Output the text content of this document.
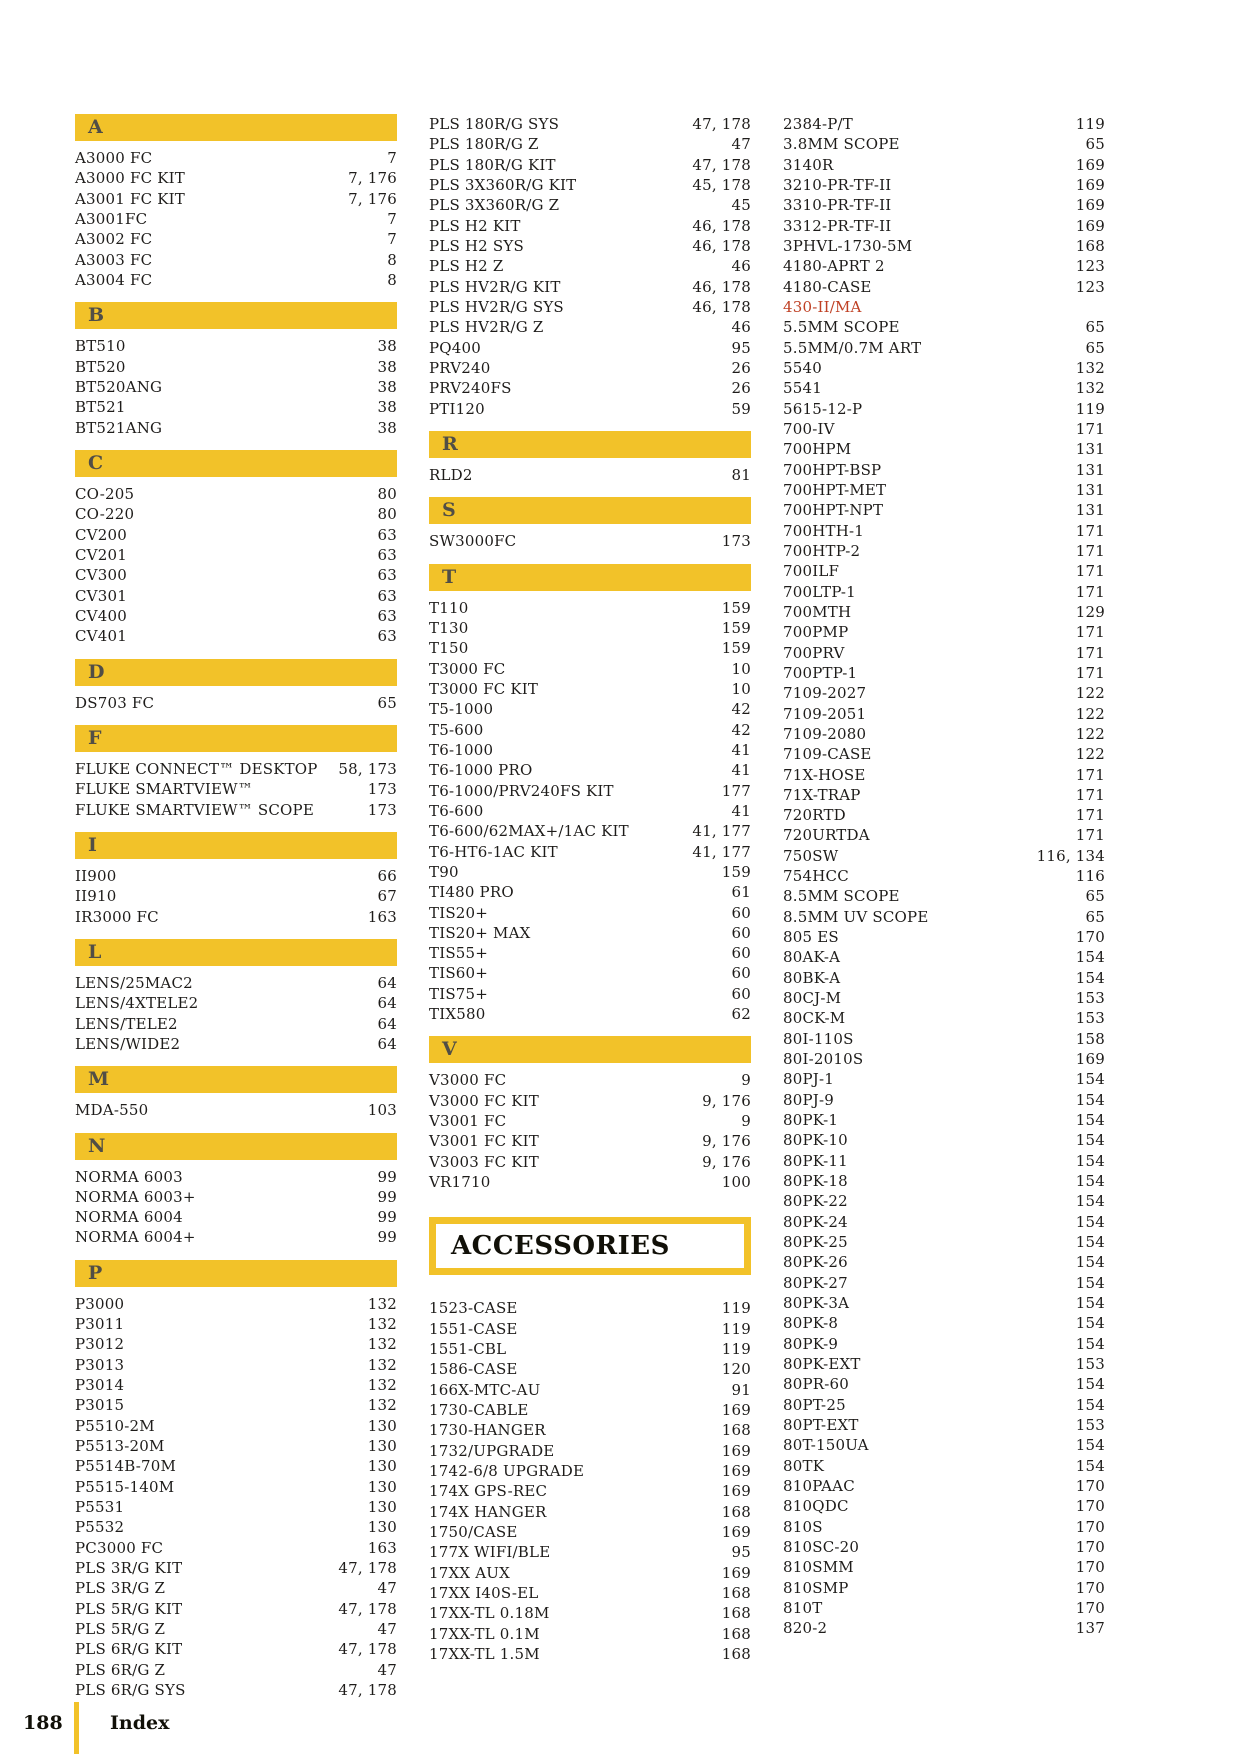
A
A3000 FC	7
A3000 FC KIT	7, 176
A3001 FC KIT	7, 176
A3001FC	7
A3002 FC	7
A3003 FC	8
A3004 FC	8
B
BT510	38
BT520	38
BT520ANG	38
BT521	38
BT521ANG	38
C
CO-205	80
CO-220	80
CV200	63
CV201	63
CV300	63
CV301	63
CV400	63
CV401	63
D
DS703 FC	65
F
FLUKE CONNECT™ DESKTOP	58, 173
FLUKE SMARTVIEW™	173
FLUKE SMARTVIEW™ SCOPE	173
I
II900	66
II910	67
IR3000 FC	163
L
LENS/25MAC2	64
LENS/4XTELE2	64
LENS/TELE2	64
LENS/WIDE2	64
M
MDA-550	103
N
NORMA 6003	99
NORMA 6003+	99
NORMA 6004	99
NORMA 6004+	99
P
P3000	132
P3011	132
P3012	132
P3013	132
P3014	132
P3015	132
P5510-2M	130
P5513-20M	130
P5514B-70M	130
P5515-140M	130
P5531	130
P5532	130
PC3000 FC	163
PLS 3R/G KIT	47, 178
PLS 3R/G Z	47
PLS 5R/G KIT	47, 178
PLS 5R/G Z	47
PLS 6R/G KIT	47, 178
PLS 6R/G Z	47
PLS 6R/G SYS	47, 178
PLS 180R/G SYS	47, 178
PLS 180R/G Z	47
PLS 180R/G KIT	47, 178
PLS 3X360R/G KIT	45, 178
PLS 3X360R/G Z	45
PLS H2 KIT	46, 178
PLS H2 SYS	46, 178
PLS H2 Z	46
PLS HV2R/G KIT	46, 178
PLS HV2R/G SYS	46, 178
PLS HV2R/G Z	46
PQ400	95
PRV240	26
PRV240FS	26
PTI120	59
R
RLD2	81
S
SW3000FC	173
T
T110	159
T130	159
T150	159
T3000 FC	10
T3000 FC KIT	10
T5-1000	42
T5-600	42
T6-1000	41
T6-1000 PRO	41
T6-1000/PRV240FS KIT	177
T6-600	41
T6-600/62MAX+/1AC KIT	41, 177
T6-HT6-1AC KIT	41, 177
T90	159
TI480 PRO	61
TIS20+	60
TIS20+ MAX	60
TIS55+	60
TIS60+	60
TIS75+	60
TIX580	62
V
V3000 FC	9
V3000 FC KIT	9, 176
V3001 FC	9
V3001 FC KIT	9, 176
V3003 FC KIT	9, 176
VR1710	100
ACCESSORIES
1523-CASE	119
1551-CASE	119
1551-CBL	119
1586-CASE	120
166X-MTC-AU	91
1730-CABLE	169
1730-HANGER	168
1732/UPGRADE	169
1742-6/8 UPGRADE	169
174X GPS-REC	169
174X HANGER	168
1750/CASE	169
177X WIFI/BLE	95
17XX AUX	169
17XX I40S-EL	168
17XX-TL 0.18M	168
17XX-TL 0.1M	168
17XX-TL 1.5M	168
2384-P/T	119
3.8MM SCOPE	65
3140R	169
3210-PR-TF-II	169
3310-PR-TF-II	169
3312-PR-TF-II	169
3PHVL-1730-5M	168
4180-APRT 2	123
4180-CASE	123
430-II/MA
5.5MM SCOPE	65
5.5MM/0.7M ART	65
5540	132
5541	132
5615-12-P	119
700-IV	171
700HPM	131
700HPT-BSP	131
700HPT-MET	131
700HPT-NPT	131
700HTH-1	171
700HTP-2	171
700ILF	171
700LTP-1	171
700MTH	129
700PMP	171
700PRV	171
700PTP-1	171
7109-2027	122
7109-2051	122
7109-2080	122
7109-CASE	122
71X-HOSE	171
71X-TRAP	171
720RTD	171
720URTDA	171
750SW	116, 134
754HCC	116
8.5MM SCOPE	65
8.5MM UV SCOPE	65
805 ES	170
80AK-A	154
80BK-A	154
80CJ-M	153
80CK-M	153
80I-110S	158
80I-2010S	169
80PJ-1	154
80PJ-9	154
80PK-1	154
80PK-10	154
80PK-11	154
80PK-18	154
80PK-22	154
80PK-24	154
80PK-25	154
80PK-26	154
80PK-27	154
80PK-3A	154
80PK-8	154
80PK-9	154
80PK-EXT	153
80PR-60	154
80PT-25	154
80PT-EXT	153
80T-150UA	154
80TK	154
810PAAC	170
810QDC	170
810S	170
810SC-20	170
810SMM	170
810SMP	170
810T	170
820-2	137
188 Index
